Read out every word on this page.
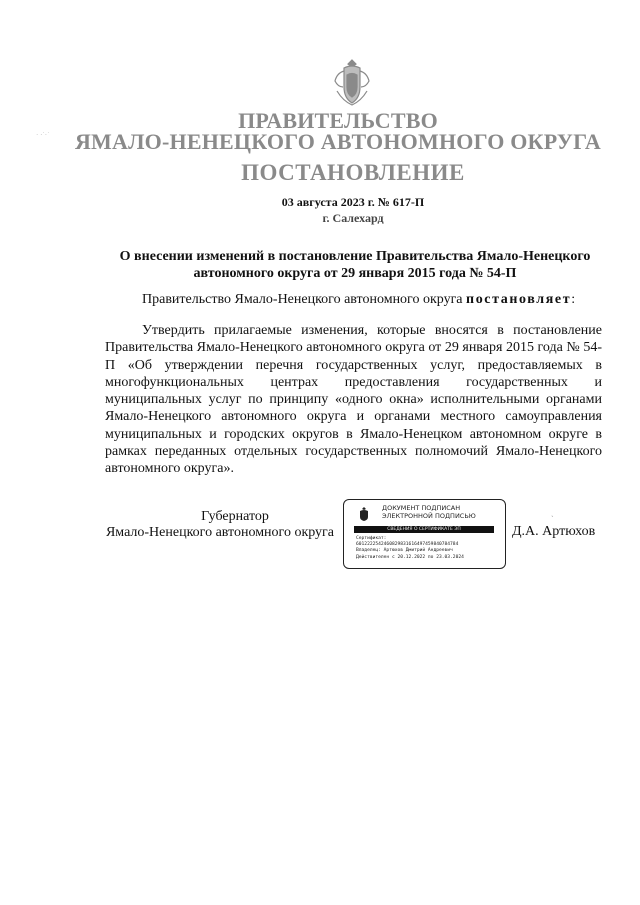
· ·˙·˙
ПРАВИТЕЛЬСТВО
ЯМАЛО-НЕНЕЦКОГО АВТОНОМНОГО ОКРУГА
ПОСТАНОВЛЕНИЕ
03 августа 2023 г. № 617-П
г. Салехард
О внесении изменений в постановление Правительства Ямало-Ненецкого автономного округа от 29 января 2015 года № 54-П
Правительство Ямало-Ненецкого автономного округа постановляет:
Утвердить прилагаемые изменения, которые вносятся в постановление Правительства Ямало-Ненецкого автономного округа от 29 января 2015 года № 54-П «Об утверждении перечня государственных услуг, предоставляемых в многофункциональных центрах предоставления государственных и муниципальных услуг по принципу «одного окна» исполнительными органами Ямало-Ненецкого автономного округа и органами местного самоуправления муниципальных и городских округов в Ямало-Ненецком автономном округе в рамках переданных отдельных государственных полномочий Ямало-Ненецкого автономного округа».
Губернатор
Ямало-Ненецкого автономного округа
ДОКУМЕНТ ПОДПИСАН
ЭЛЕКТРОННОЙ ПОДПИСЬЮ
СВЕДЕНИЯ О СЕРТИФИКАТЕ ЭП
Сертификат:
6012222542460829831616497459840784784
Владелец: Артюхов Дмитрий Андреевич
Действителен с 20.12.2022 по 23.03.2024
ˎ
Д.А. Артюхов
